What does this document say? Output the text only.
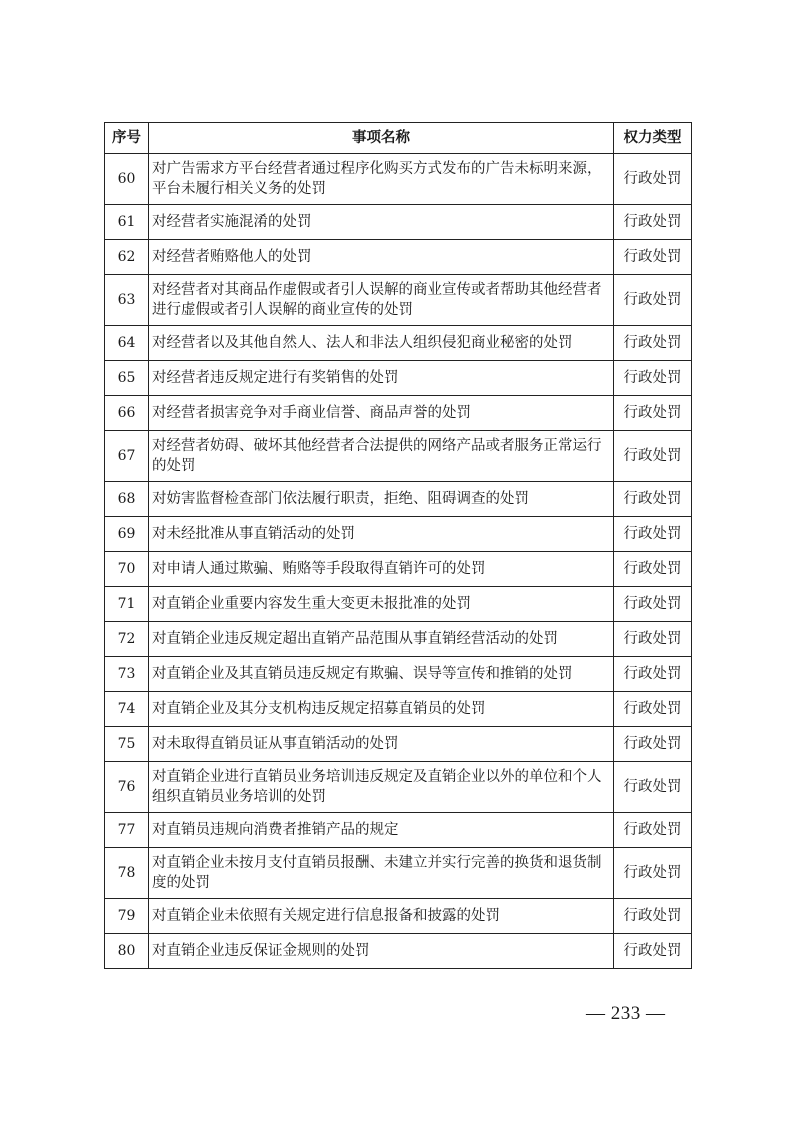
序号	事项名称	权力类型
60	对广告需求方平台经营者通过程序化购买方式发布的广告未标明来源，平台未履行相关义务的处罚	行政处罚
61	对经营者实施混淆的处罚	行政处罚
62	对经营者贿赂他人的处罚	行政处罚
63	对经营者对其商品作虚假或者引人误解的商业宣传或者帮助其他经营者进行虚假或者引人误解的商业宣传的处罚	行政处罚
64	对经营者以及其他自然人、法人和非法人组织侵犯商业秘密的处罚	行政处罚
65	对经营者违反规定进行有奖销售的处罚	行政处罚
66	对经营者损害竞争对手商业信誉、商品声誉的处罚	行政处罚
67	对经营者妨碍、破坏其他经营者合法提供的网络产品或者服务正常运行的处罚	行政处罚
68	对妨害监督检查部门依法履行职责，拒绝、阻碍调查的处罚	行政处罚
69	对未经批准从事直销活动的处罚	行政处罚
70	对申请人通过欺骗、贿赂等手段取得直销许可的处罚	行政处罚
71	对直销企业重要内容发生重大变更未报批准的处罚	行政处罚
72	对直销企业违反规定超出直销产品范围从事直销经营活动的处罚	行政处罚
73	对直销企业及其直销员违反规定有欺骗、误导等宣传和推销的处罚	行政处罚
74	对直销企业及其分支机构违反规定招募直销员的处罚	行政处罚
75	对未取得直销员证从事直销活动的处罚	行政处罚
76	对直销企业进行直销员业务培训违反规定及直销企业以外的单位和个人组织直销员业务培训的处罚	行政处罚
77	对直销员违规向消费者推销产品的规定	行政处罚
78	对直销企业未按月支付直销员报酬、未建立并实行完善的换货和退货制度的处罚	行政处罚
79	对直销企业未依照有关规定进行信息报备和披露的处罚	行政处罚
80	对直销企业违反保证金规则的处罚	行政处罚
— 233 —
